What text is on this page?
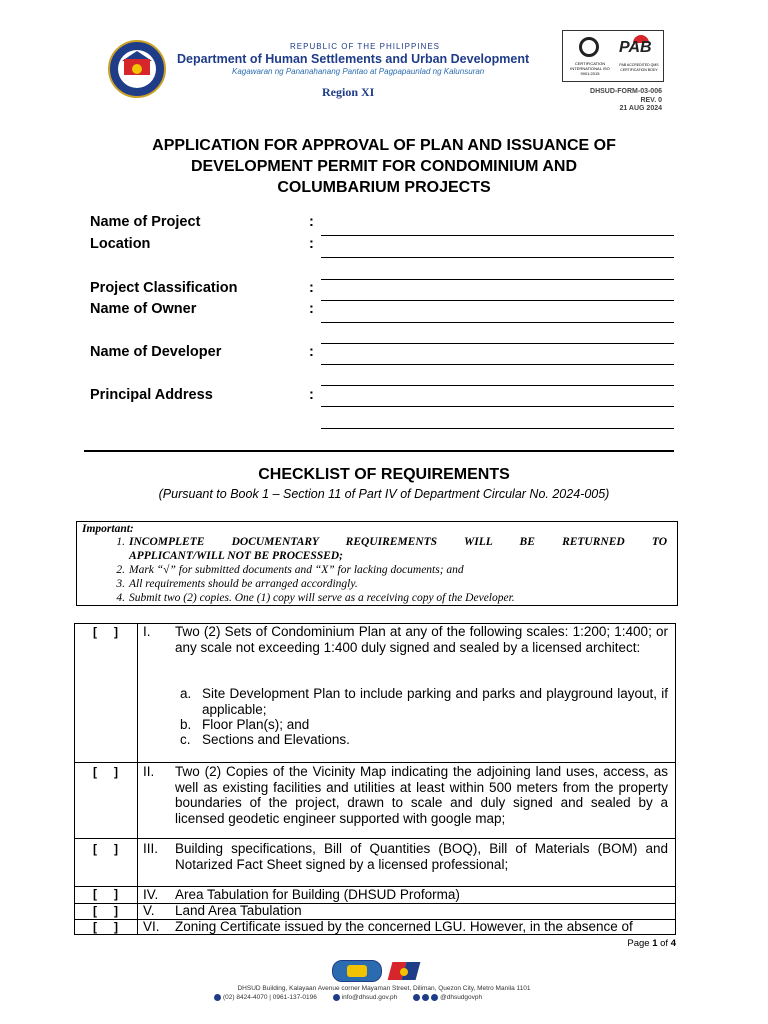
REPUBLIC OF THE PHILIPPINES
Department of Human Settlements and Urban Development
Kagawaran ng Pananahanang Pantao at Pagpapaunlad ng Kalunsuran
Region XI
CERTIFICATION INTERNATIONAL ISO 9001:2015
PAB
PAB ACCREDITED QMS CERTIFICATION BODY
DHSUD-FORM-03-006
REV. 0
21 AUG 2024
APPLICATION FOR APPROVAL OF PLAN AND ISSUANCE OF
DEVELOPMENT PERMIT FOR CONDOMINIUM AND
COLUMBARIUM PROJECTS
Name of Project	:
Location	:
Project Classification	:
Name of Owner	:
Name of Developer	:
Principal Address	:
CHECKLIST OF REQUIREMENTS
(Pursuant to Book 1 – Section 11 of Part IV of Department Circular No. 2024-005)
Important:
1. INCOMPLETE DOCUMENTARY REQUIREMENTS WILL BE RETURNED TO
APPLICANT/WILL NOT BE PROCESSED;
2. Mark “√” for submitted documents and “X” for lacking documents; and
3. All requirements should be arranged accordingly.
4. Submit two (2) copies. One (1) copy will serve as a receiving copy of the Developer.
[ ]	I. Two (2) Sets of Condominium Plan at any of the following scales: 1:200; 1:400; or any scale not exceeding 1:400 duly signed and sealed by a licensed architect:
a. Site Development Plan to include parking and parks and playground layout, if applicable;
b. Floor Plan(s); and
c. Sections and Elevations.
[ ]	II. Two (2) Copies of the Vicinity Map indicating the adjoining land uses, access, as well as existing facilities and utilities at least within 500 meters from the property boundaries of the project, drawn to scale and duly signed and sealed by a licensed geodetic engineer supported with google map;
[ ]	III. Building specifications, Bill of Quantities (BOQ), Bill of Materials (BOM) and Notarized Fact Sheet signed by a licensed professional;
[ ]	IV. Area Tabulation for Building (DHSUD Proforma)
[ ]	V. Land Area Tabulation
[ ]	VI. Zoning Certificate issued by the concerned LGU. However, in the absence of
Page 1 of 4
DHSUD Building, Kalayaan Avenue corner Mayaman Street, Diliman, Quezon City, Metro Manila 1101
(02) 8424-4070 | 0961-137-0196	info@dhsud.gov.ph	@dhsudgovph
